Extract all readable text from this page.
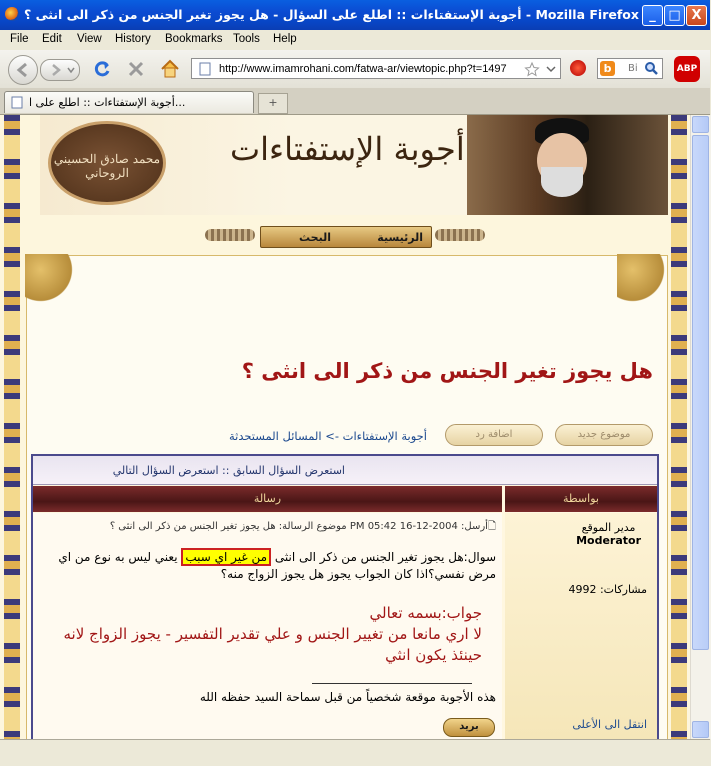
أجوبة الإستفتاءات :: اطلع على السؤال - هل يجوز تغير الجنس من ذكر الى انثى ؟ - Mozilla Firefox _ □ X
File Edit View History Bookmarks Tools Help
http://www.imamrohani.com/fatwa-ar/viewtopic.php?t=1497	b	Bi	ABP
أجوبة الإستفتاءات :: اطلع على ا...	+
محمد صادق الحسيني الروحاني
أجوبة الإستفتاءات
الرئيسية
البحث
هل يجوز تغير الجنس من ذكر الى انثى ؟
موضوع جديد
اضافة رد
أجوبة الإستفتاءات -> المسائل المستحدثة
استعرض السؤال السابق :: استعرض السؤال التالي
رسالة	بواسطة
مدير الموقع
Moderator
مشاركات: 4992
انتقل الى الأعلى
🗋أرسل: 2004-12-16 05:42 PM موضوع الرسالة: هل يجوز تغير الجنس من ذكر الى انثى ؟
سوال:هل يجوز تغير الجنس من ذكر الى انثى من غير اي سبب يعني ليس به نوع من اي مرض نفسي؟اذا كان الجواب يجوز هل يجوز الزواج منه؟
جواب:بسمه تعالي
لا اري مانعا من تغيير الجنس و علي تقدير التفسير - يجوز الزواج لانه حينئذ يكون انثي
هذه الأجوبة موقعة شخصياً من قبل سماحة السيد حفظه الله
بريد
